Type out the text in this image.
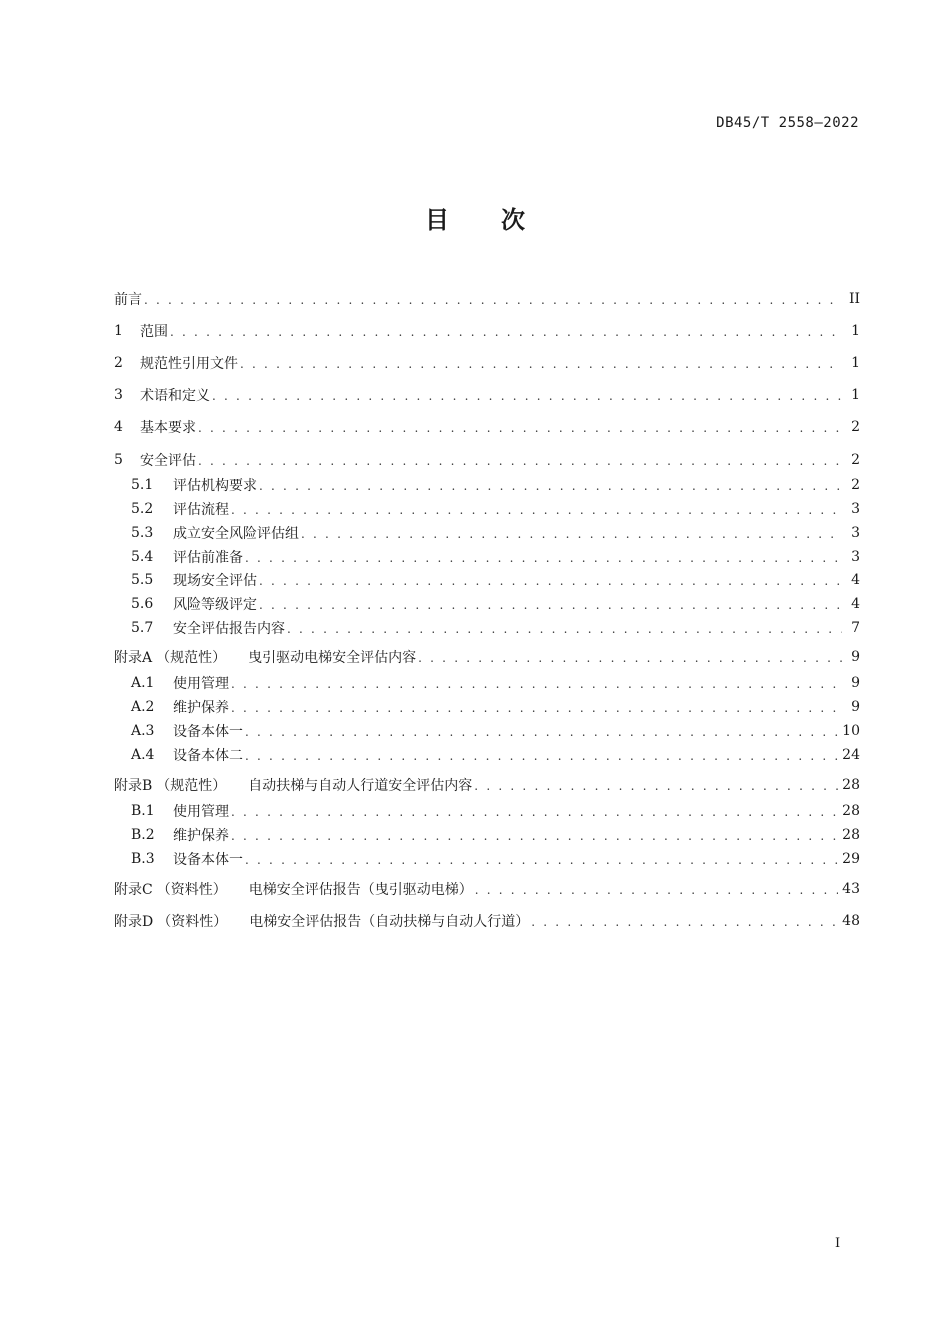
DB45/T 2558—2022
目 次
前言 . . .	II
1	范围 . . .	1
2	规范性引用文件 . . .	1
3	术语和定义 . . .	1
4	基本要求 . . .	2
5	安全评估 . . .	2
5.1	评估机构要求 . . .	2
5.2	评估流程 . . .	3
5.3	成立安全风险评估组 . . .	3
5.4	评估前准备 . . .	3
5.5	现场安全评估 . . .	4
5.6	风险等级评定 . . .	4
5.7	安全评估报告内容 . . .	7
附录A （规范性） 曳引驱动电梯安全评估内容 . . .	9
A.1	使用管理 . . .	9
A.2	维护保养 . . .	9
A.3	设备本体一 . . .	10
A.4	设备本体二 . . .	24
附录B （规范性） 自动扶梯与自动人行道安全评估内容 . . .	28
B.1	使用管理 . . .	28
B.2	维护保养 . . .	28
B.3	设备本体一 . . .	29
附录C （资料性） 电梯安全评估报告（曳引驱动电梯） . . .	43
附录D （资料性） 电梯安全评估报告（自动扶梯与自动人行道） . . .	48
I
